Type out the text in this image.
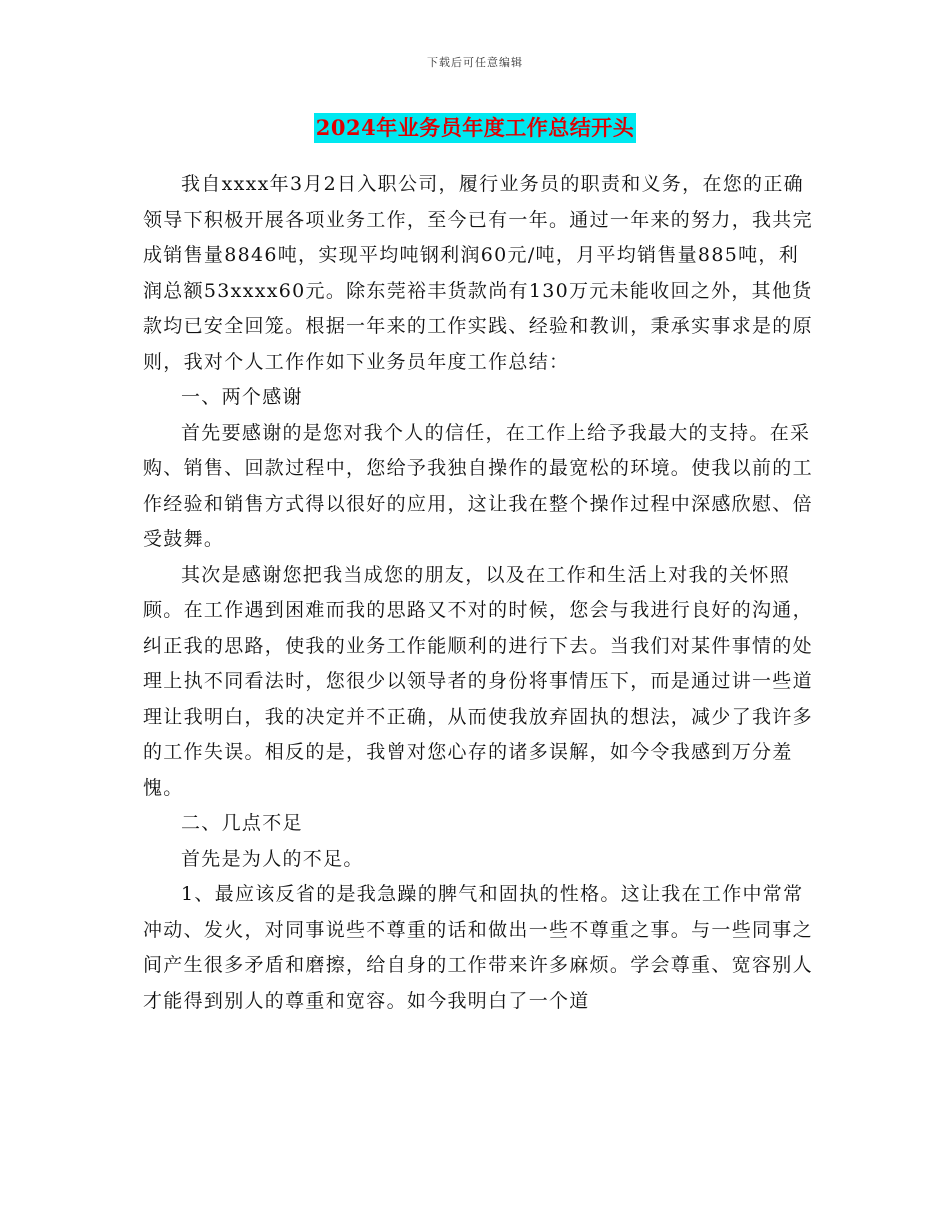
下载后可任意编辑
2024年业务员年度工作总结开头

我自xxxx年3月2日入职公司，履行业务员的职责和义务，在您的正确领导下积极开展各项业务工作，至今已有一年。通过一年来的努力，我共完成销售量8846吨，实现平均吨钢利润60元/吨，月平均销售量885吨，利润总额53xxxx60元。除东莞裕丰货款尚有130万元未能收回之外，其他货款均已安全回笼。根据一年来的工作实践、经验和教训，秉承实事求是的原则，我对个人工作作如下业务员年度工作总结：

一、两个感谢

首先要感谢的是您对我个人的信任，在工作上给予我最大的支持。在采购、销售、回款过程中，您给予我独自操作的最宽松的环境。使我以前的工作经验和销售方式得以很好的应用，这让我在整个操作过程中深感欣慰、倍受鼓舞。

其次是感谢您把我当成您的朋友，以及在工作和生活上对我的关怀照顾。在工作遇到困难而我的思路又不对的时候，您会与我进行良好的沟通，纠正我的思路，使我的业务工作能顺利的进行下去。当我们对某件事情的处理上执不同看法时，您很少以领导者的身份将事情压下，而是通过讲一些道理让我明白，我的决定并不正确，从而使我放弃固执的想法，减少了我许多的工作失误。相反的是，我曾对您心存的诸多误解，如今令我感到万分羞愧。

二、几点不足

首先是为人的不足。

1、最应该反省的是我急躁的脾气和固执的性格。这让我在工作中常常冲动、发火，对同事说些不尊重的话和做出一些不尊重之事。与一些同事之间产生很多矛盾和磨擦，给自身的工作带来许多麻烦。学会尊重、宽容别人才能得到别人的尊重和宽容。如今我明白了一个道
